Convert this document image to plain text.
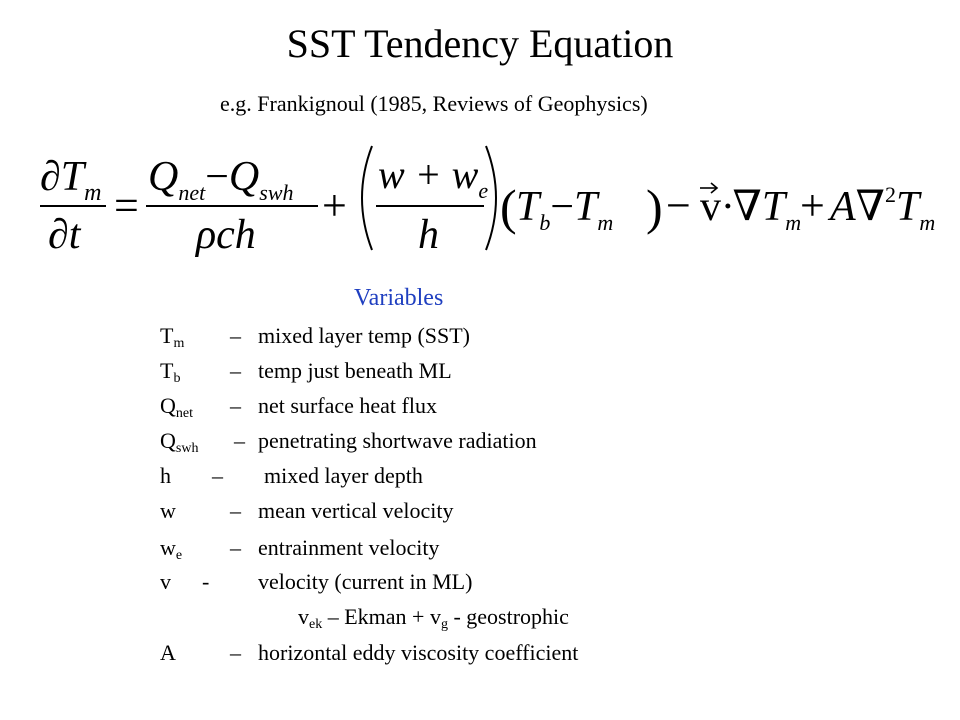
SST Tendency Equation
e.g. Frankignoul (1985, Reviews of Geophysics)
$\partial T_m$
∂t
=
$Q_{net}-Q_{swh}$
ρch
+
$w + w_e$
h ( $T_b-T_m$ ) − $v \cdot\nabla T_m$
+ $A\nabla^2T_m$
Variables
$T_m$ – mixed layer temp (SST)
$T_b$ – temp just beneath ML
$Q_{net}$ – net surface heat flux
$Q_{swh}$ – penetrating shortwave radiation
h – mixed layer depth
w – mean vertical velocity
$w_e$ – entrainment velocity
v - velocity (current in ML)
$v_{ek}$ – Ekman + $v_g$ - geostrophic
A – horizontal eddy viscosity coefficient
